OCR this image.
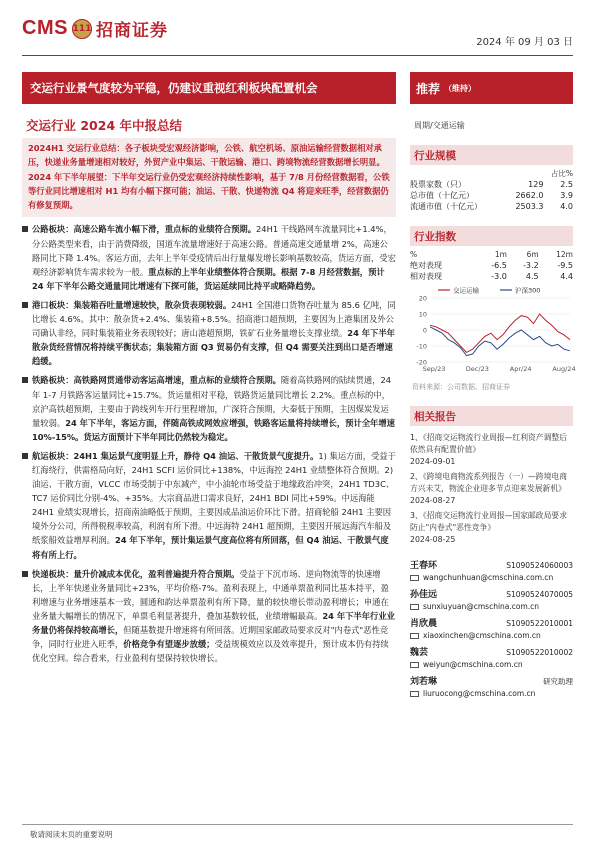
CMS 111 招商证券
2024 年 09 月 03 日
交运行业景气度较为平稳，仍建议重视红利板块配置机会
交运行业 2024 年中报总结

2024H1 交运行业总结：各子板块受宏观经济影响，公铁、航空机场、原油运输经营数据相对承压，快递业务量增速相对较好，外贸产业中集运、干散运输、港口、跨境物流经营数据增长明显。

2024 年下半年展望：下半年交运行业仍受宏观经济持续性影响，基于 7/8 月份经营数据看，公铁等行业同比增速相对 H1 均有小幅下探可能；油运、干散、快递物流 Q4 将迎来旺季，经营数据仍有修复预期。

公路板块：高速公路车流小幅下滑，重点标的业绩符合预期。24H1 干线路网车流量同比+1.4%，分公路类型来看，由于消费降级，国道车流量增速好于高速公路。普通高速交通量增 2%，高速公路同比下降 1.4%。客运方面，去年上半年受疫情后出行量爆发增长影响基数较高，货运方面，受宏观经济影响货车需求较为一般。重点标的上半年业绩整体符合预期。根据 7-8 月经营数据，预计 24 年下半年公路交通量同比增速有下探可能，货运延续同比持平或略降趋势。
港口板块：集装箱吞吐量增速较快，散杂货表现较弱。24H1 全国港口货物吞吐量为 85.6 亿吨，同比增长 4.6%。其中：散杂货+2.4%、集装箱+8.5%。招商港口超预期，主要因为上港集团及外公司确认非经，同时集装箱业务表现较好；唐山港超预期，铁矿石业务量增长支撑业绩。24 年下半年散杂货经营情况将持续平衡状态；集装箱方面 Q3 贸易仍有支撑，但 Q4 需要关注到出口是否增速趋缓。
铁路板块：高铁路网贯通带动客运高增速，重点标的业绩符合预期。随着高铁路网的陆续贯通，24 年 1-7 月铁路客运量同比+15.7%。货运量相对平稳，铁路货运量同比增长 2.2%。重点标的中，京沪高铁超预期，主要由于跨线列车开行里程增加，广深符合预期，大秦低于预期，主因煤炭发运量较弱。24 年下半年，客运方面，伴随高铁成网效应增强，铁路客运量将持续增长，预计全年增速 10%-15%。货运方面预计下半年同比仍然较为稳定。
航运板块：24H1 集运景气度明显上升，静待 Q4 油运、干散货景气度提升。1) 集运方面，受益于红海绕行，供需格局向好，24H1 SCFI 运价同比+138%，中远海控 24H1 业绩整体符合预期。2) 油运、干散方面，VLCC 市场受制于中东减产，中小油轮市场受益于地缘政治冲突，24H1 TD3C、TC7 运价同比分别-4%、+35%。大宗商品进口需求良好，24H1 BDI 同比+59%。中远海能 24H1 业绩实现增长，招商南油略低于预期，主要因成品油运价环比下滑。招商轮船 24H1 主要因境外分公司，所得税税率较高，利润有所下滑。中远海特 24H1 超预期，主要因开展远海汽车船及纸浆船效益增厚利润。24 年下半年，预计集运景气度高位将有所回落，但 Q4 油运、干散景气度将有所上行。
快递板块：量升价减成本优化，盈利普遍提升符合预期。受益于下沉市场、逆向物流等的快速增长，上半年快递业务量同比+23%，平均价格-7%。盈利表现上，中通单票盈利同比基本持平，盈利增速与业务增速基本一致，圆通和韵达单票盈利有所下降，量的较快增长带动盈利增长；申通在业务量大幅增长的情况下，单票毛利显著提升，叠加基数较低，业绩增幅最高。24 年下半年行业业务量仍将保持较高增长，但随基数提升增速将有所回落。近期国家邮政局要求反对"内卷式"恶性竞争，同时行业进入旺季，价格竞争有望逐步放缓；受益规模效应以及效率提升，预计成本仍有持续优化空间。综合看来，行业盈利有望保持较快增长。
推荐 （维持）
周期/交通运输
行业规模
		占比%
股票家数（只）	129	2.5
总市值（十亿元）	2662.0	3.9
流通市值（十亿元）	2503.3	4.0
行业指数
%	1m	6m	12m
绝对表现	-6.5	-3.2	-9.5
相对表现	-3.0	4.5	4.4
-20
-10
0
10
20
Sep/23	Dec/23	Apr/24	Aug/24
交运运输	沪深300
资料来源：公司数据、招商证券
相关报告
1、《招商交运物流行业周报—红利资产调整后依然具有配置价值》
2024-09-01
2、《跨境电商物流系列报告（一）—跨境电商方兴未艾，物流企业迎多节点迎来发展新机》
2024-08-27
3、《招商交运物流行业周报—国家邮政局要求防止"内卷式"恶性竞争》
2024-08-25
王春环	S1090524060003
wangchunhuan@cmschina.com.cn
孙佳远	S1090524070005
sunxiuyuan@cmschina.com.cn
肖欣晨	S1090522010001
xiaoxinchen@cmschina.com.cn
魏芸	S1090522010002
weiyun@cmschina.com.cn
刘若琳	研究助理
liuruocong@cmschina.com.cn
敬请阅读末页的重要说明
